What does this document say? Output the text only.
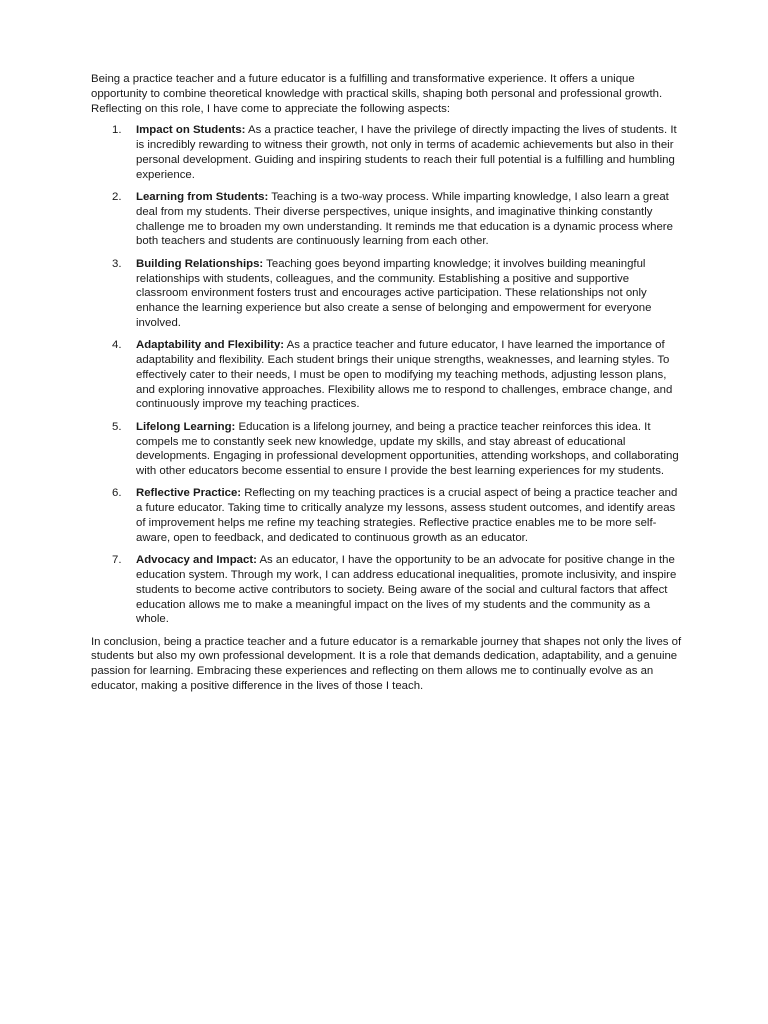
Being a practice teacher and a future educator is a fulfilling and transformative experience. It offers a unique opportunity to combine theoretical knowledge with practical skills, shaping both personal and professional growth. Reflecting on this role, I have come to appreciate the following aspects:

1.	Impact on Students: As a practice teacher, I have the privilege of directly impacting the lives of students. It is incredibly rewarding to witness their growth, not only in terms of academic achievements but also in their personal development. Guiding and inspiring students to reach their full potential is a fulfilling and humbling experience.
2.	Learning from Students: Teaching is a two-way process. While imparting knowledge, I also learn a great deal from my students. Their diverse perspectives, unique insights, and imaginative thinking constantly challenge me to broaden my own understanding. It reminds me that education is a dynamic process where both teachers and students are continuously learning from each other.
3.	Building Relationships: Teaching goes beyond imparting knowledge; it involves building meaningful relationships with students, colleagues, and the community. Establishing a positive and supportive classroom environment fosters trust and encourages active participation. These relationships not only enhance the learning experience but also create a sense of belonging and empowerment for everyone involved.
4.	Adaptability and Flexibility: As a practice teacher and future educator, I have learned the importance of adaptability and flexibility. Each student brings their unique strengths, weaknesses, and learning styles. To effectively cater to their needs, I must be open to modifying my teaching methods, adjusting lesson plans, and exploring innovative approaches. Flexibility allows me to respond to challenges, embrace change, and continuously improve my teaching practices.
5.	Lifelong Learning: Education is a lifelong journey, and being a practice teacher reinforces this idea. It compels me to constantly seek new knowledge, update my skills, and stay abreast of educational developments. Engaging in professional development opportunities, attending workshops, and collaborating with other educators become essential to ensure I provide the best learning experiences for my students.
6.	Reflective Practice: Reflecting on my teaching practices is a crucial aspect of being a practice teacher and a future educator. Taking time to critically analyze my lessons, assess student outcomes, and identify areas of improvement helps me refine my teaching strategies. Reflective practice enables me to be more self-aware, open to feedback, and dedicated to continuous growth as an educator.
7.	Advocacy and Impact: As an educator, I have the opportunity to be an advocate for positive change in the education system. Through my work, I can address educational inequalities, promote inclusivity, and inspire students to become active contributors to society. Being aware of the social and cultural factors that affect education allows me to make a meaningful impact on the lives of my students and the community as a whole.

In conclusion, being a practice teacher and a future educator is a remarkable journey that shapes not only the lives of students but also my own professional development. It is a role that demands dedication, adaptability, and a genuine passion for learning. Embracing these experiences and reflecting on them allows me to continually evolve as an educator, making a positive difference in the lives of those I teach.
